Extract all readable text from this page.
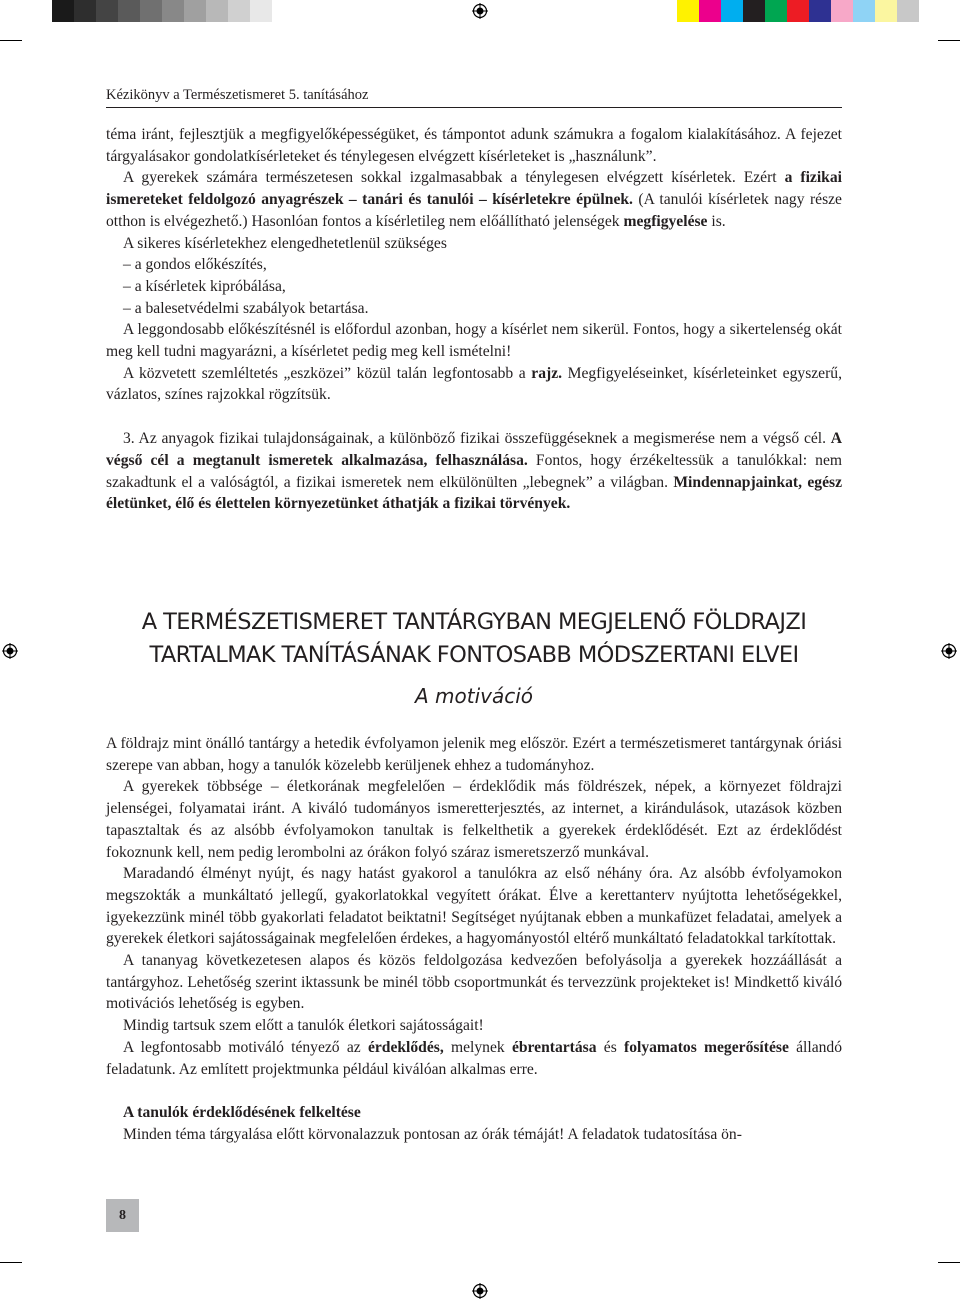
Kézikönyv a Természetismeret 5. tanításához

téma iránt, fejlesztjük a megfigyelőképességüket, és támpontot adunk számukra a fogalom kialakításához. A fejezet tárgyalásakor gondolatkísérleteket és ténylegesen elvégzett kísérleteket is „használunk”.

A gyerekek számára természetesen sokkal izgalmasabbak a ténylegesen elvégzett kísérletek. Ezért a fizikai ismereteket feldolgozó anyagrészek – tanári és tanulói – kísérletekre épülnek. (A tanulói kísérletek nagy része otthon is elvégezhető.) Hasonlóan fontos a kísérletileg nem előállítható jelenségek megfigyelése is.

A sikeres kísérletekhez elengedhetetlenül szükséges

– a gondos előkészítés,

– a kísérletek kipróbálása,

– a balesetvédelmi szabályok betartása.

A leggondosabb előkészítésnél is előfordul azonban, hogy a kísérlet nem sikerül. Fontos, hogy a sikertelenség okát meg kell tudni magyarázni, a kísérletet pedig meg kell ismételni!

A közvetett szemléltetés „eszközei” közül talán legfontosabb a rajz. Megfigyeléseinket, kísérleteinket egyszerű, vázlatos, színes rajzokkal rögzítsük.

3. Az anyagok fizikai tulajdonságainak, a különböző fizikai összefüggéseknek a megismerése nem a végső cél. A végső cél a megtanult ismeretek alkalmazása, felhasználása. Fontos, hogy érzékeltessük a tanulókkal: nem szakadtunk el a valóságtól, a fizikai ismeretek nem elkülönülten „lebegnek” a világban. Mindennapjainkat, egész életünket, élő és élettelen környezetünket áthatják a fizikai törvények.

A TERMÉSZETISMERET TANTÁRGYBAN MEGJELENŐ FÖLDRAJZI
TARTALMAK TANÍTÁSÁNAK FONTOSABB MÓDSZERTANI ELVEI
A motiváció

A földrajz mint önálló tantárgy a hetedik évfolyamon jelenik meg először. Ezért a természetismeret tantárgynak óriási szerepe van abban, hogy a tanulók közelebb kerüljenek ehhez a tudományhoz.

A gyerekek többsége – életkorának megfelelően – érdeklődik más földrészek, népek, a környezet földrajzi jelenségei, folyamatai iránt. A kiváló tudományos ismeretterjesztés, az internet, a kirándulások, utazások közben tapasztaltak és az alsóbb évfolyamokon tanultak is felkelthetik a gyerekek érdeklődését. Ezt az érdeklődést fokoznunk kell, nem pedig lerombolni az órákon folyó száraz ismeretszerző munkával.

Maradandó élményt nyújt, és nagy hatást gyakorol a tanulókra az első néhány óra. Az alsóbb évfolyamokon megszokták a munkáltató jellegű, gyakorlatokkal vegyített órákat. Élve a kerettanterv nyújtotta lehetőségekkel, igyekezzünk minél több gyakorlati feladatot beiktatni! Segítséget nyújtanak ebben a munkafüzet feladatai, amelyek a gyerekek életkori sajátosságainak megfelelően érdekes, a hagyományostól eltérő munkáltató feladatokkal tarkítottak.

A tananyag következetesen alapos és közös feldolgozása kedvezően befolyásolja a gyerekek hozzáállását a tantárgyhoz. Lehetőség szerint iktassunk be minél több csoportmunkát és tervezzünk projekteket is! Mindkettő kiváló motivációs lehetőség is egyben.

Mindig tartsuk szem előtt a tanulók életkori sajátosságait!

A legfontosabb motiváló tényező az érdeklődés, melynek ébrentartása és folyamatos megerősítése állandó feladatunk. Az említett projektmunka például kiválóan alkalmas erre.

A tanulók érdeklődésének felkeltése

Minden téma tárgyalása előtt körvonalazzuk pontosan az órák témáját! A feladatok tudatosítása ön-

8
